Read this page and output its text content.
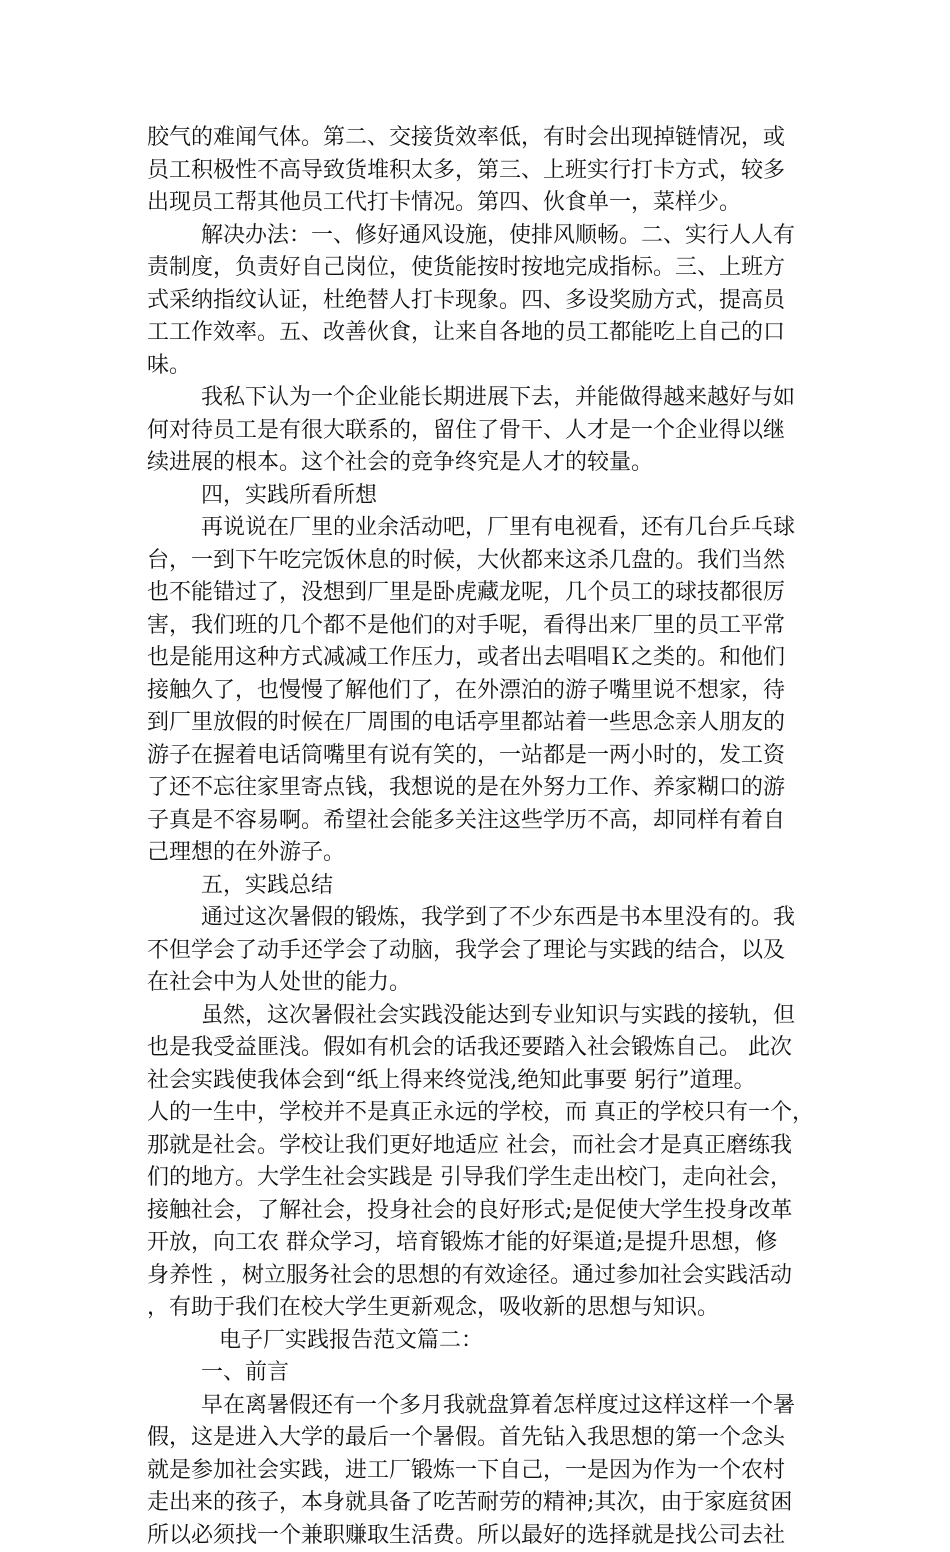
胶气的难闻气体。第二、交接货效率低，有时会出现掉链情况，或
员工积极性不高导致货堆积太多，第三、上班实行打卡方式，较多
出现员工帮其他员工代打卡情况。第四、伙食单一，菜样少。
解决办法：一、修好通风设施，使排风顺畅。二、实行人人有
责制度，负责好自己岗位，使货能按时按地完成指标。三、上班方
式采纳指纹认证，杜绝替人打卡现象。四、多设奖励方式，提高员
工工作效率。五、改善伙食，让来自各地的员工都能吃上自己的口
味。
我私下认为一个企业能长期进展下去，并能做得越来越好与如
何对待员工是有很大联系的，留住了骨干、人才是一个企业得以继
续进展的根本。这个社会的竞争终究是人才的较量。
四，实践所看所想
再说说在厂里的业余活动吧，厂里有电视看，还有几台乒乓球
台，一到下午吃完饭休息的时候，大伙都来这杀几盘的。我们当然
也不能错过了，没想到厂里是卧虎藏龙呢，几个员工的球技都很厉
害，我们班的几个都不是他们的对手呢，看得出来厂里的员工平常
也是能用这种方式减减工作压力，或者出去唱唱Ｋ之类的。和他们
接触久了，也慢慢了解他们了，在外漂泊的游子嘴里说不想家，待
到厂里放假的时候在厂周围的电话亭里都站着一些思念亲人朋友的
游子在握着电话筒嘴里有说有笑的，一站都是一两小时的，发工资
了还不忘往家里寄点钱，我想说的是在外努力工作、养家糊口的游
子真是不容易啊。希望社会能多关注这些学历不高，却同样有着自
己理想的在外游子。
五，实践总结
通过这次暑假的锻炼，我学到了不少东西是书本里没有的。我
不但学会了动手还学会了动脑，我学会了理论与实践的结合，以及
在社会中为人处世的能力。
虽然，这次暑假社会实践没能达到专业知识与实践的接轨，但
也是我受益匪浅。假如有机会的话我还要踏入社会锻炼自己。 此次
社会实践使我体会到“纸上得来终觉浅,绝知此事要 躬行”道理。
人的一生中，学校并不是真正永远的学校，而 真正的学校只有一个，
那就是社会。学校让我们更好地适应 社会，而社会才是真正磨练我
们的地方。大学生社会实践是 引导我们学生走出校门，走向社会，
接触社会，了解社会，投身社会的良好形式;是促使大学生投身改革
开放，向工农 群众学习，培育锻炼才能的好渠道;是提升思想，修
身养性 ，树立服务社会的思想的有效途径。通过参加社会实践活动
，有助于我们在校大学生更新观念，吸收新的思想与知识。
电子厂实践报告范文篇二：
一、前言
早在离暑假还有一个多月我就盘算着怎样度过这样这样一个暑
假，这是进入大学的最后一个暑假。首先钻入我思想的第一个念头
就是参加社会实践，进工厂锻炼一下自己，一是因为作为一个农村
走出来的孩子，本身就具备了吃苦耐劳的精神;其次，由于家庭贫困
所以必须找一个兼职赚取生活费。所以最好的选择就是找公司去社
